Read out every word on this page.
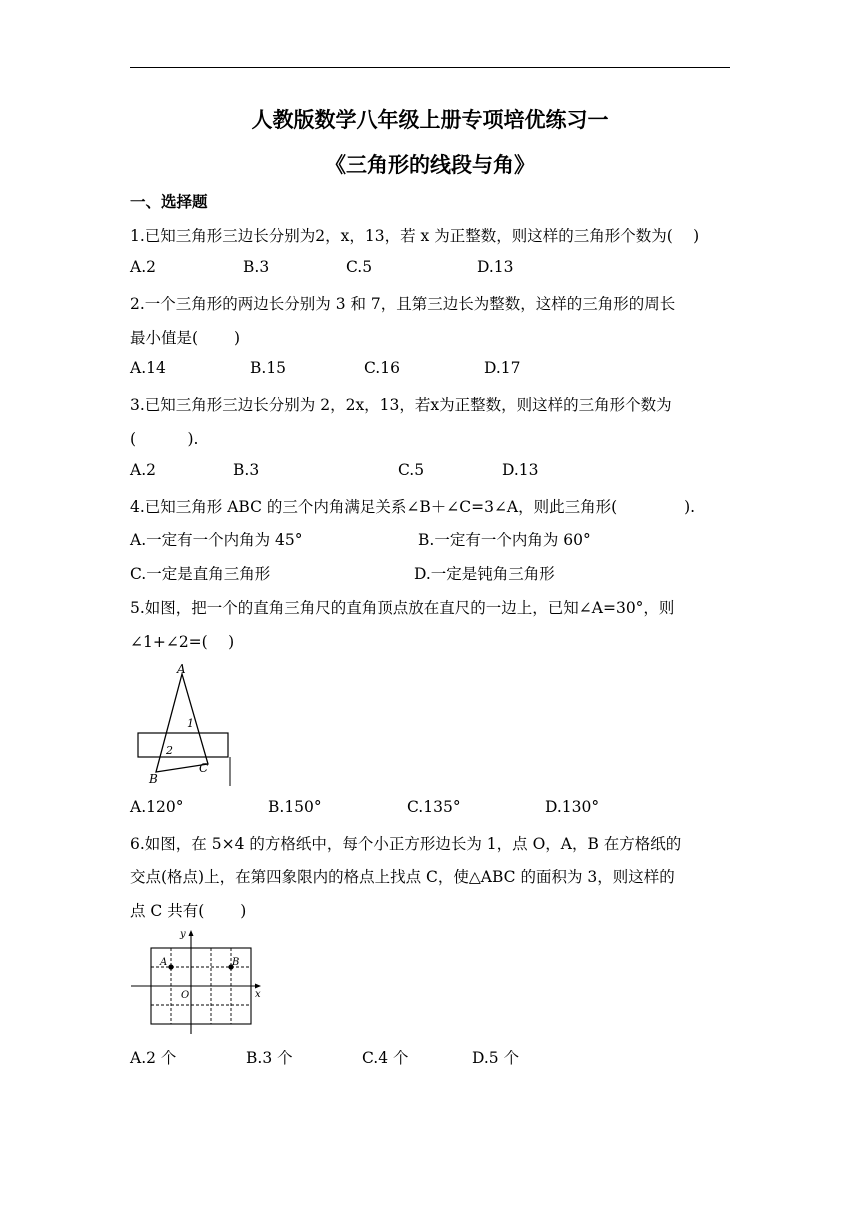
人教版数学八年级上册专项培优练习一
《三角形的线段与角》
一、选择题
1.已知三角形三边长分别为2，x，13，若 x 为正整数，则这样的三角形个数为(　 )
A.2	B.3	C.5	D.13
2.一个三角形的两边长分别为 3 和 7，且第三边长为整数，这样的三角形的周长
最小值是(　　 )
A.14	B.15	C.16	D.17
3.已知三角形三边长分别为 2，2x，13，若x为正整数，则这样的三角形个数为
(　　　 ).
A.2	B.3	C.5	D.13
4.已知三角形 ABC 的三个内角满足关系∠B＋∠C=3∠A，则此三角形(　　　　 ).
A.一定有一个内角为 45°	B.一定有一个内角为 60°
C.一定是直角三角形	D.一定是钝角三角形
5.如图，把一个的直角三角尺的直角顶点放在直尺的一边上，已知∠A=30°，则
∠1+∠2=(　 )
A
1
2
B
C
A.120°	B.150°	C.135°	D.130°
6.如图，在 5×4 的方格纸中，每个小正方形边长为 1，点 O，A，B 在方格纸的
交点(格点)上，在第四象限内的格点上找点 C，使△ABC 的面积为 3，则这样的
点 C 共有(　　 )
y
A	B
O	x
A.2 个	B.3 个	C.4 个	D.5 个
